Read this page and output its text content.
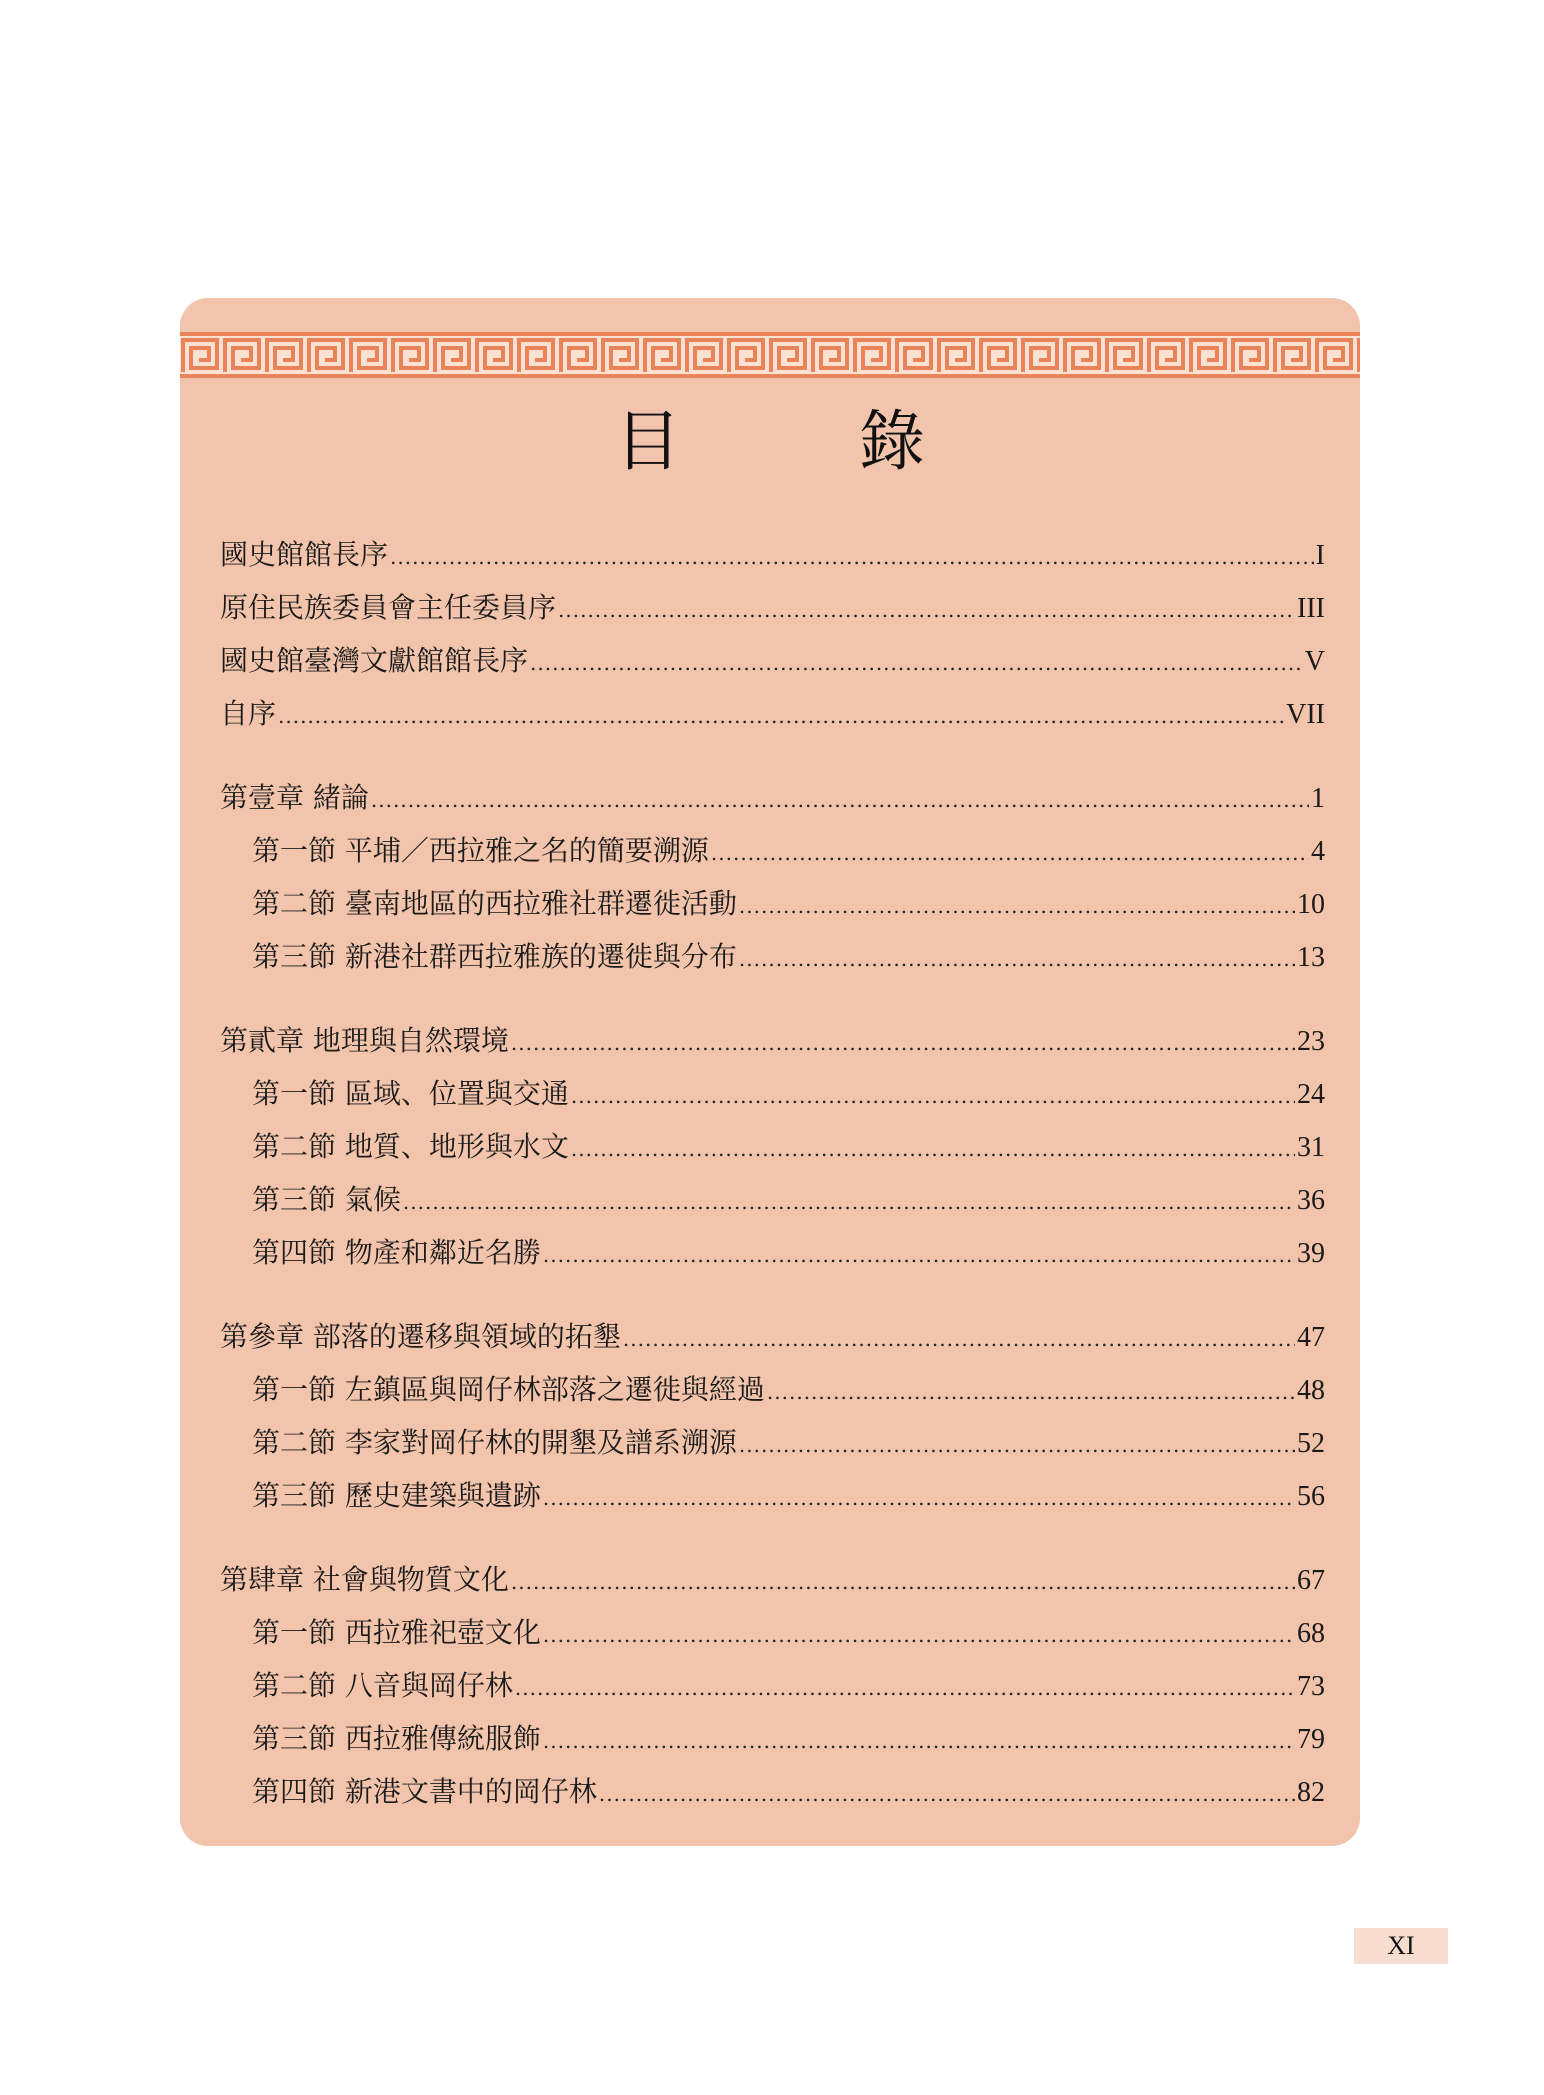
目　錄
國史館館長序 .....	I
原住民族委員會主任委員序 .....	III
國史館臺灣文獻館館長序 .....	V
自序 .....	VII
第壹章 緒論 .....	1
第一節 平埔／西拉雅之名的簡要溯源 .....	4
第二節 臺南地區的西拉雅社群遷徙活動 .....	10
第三節 新港社群西拉雅族的遷徙與分布 .....	13
第貳章 地理與自然環境 .....	23
第一節 區域、位置與交通 .....	24
第二節 地質、地形與水文 .....	31
第三節 氣候 .....	36
第四節 物產和鄰近名勝 .....	39
第參章 部落的遷移與領域的拓墾 .....	47
第一節 左鎮區與岡仔林部落之遷徙與經過 .....	48
第二節 李家對岡仔林的開墾及譜系溯源 .....	52
第三節 歷史建築與遺跡 .....	56
第肆章 社會與物質文化 .....	67
第一節 西拉雅祀壺文化 .....	68
第二節 八音與岡仔林 .....	73
第三節 西拉雅傳統服飾 .....	79
第四節 新港文書中的岡仔林 .....	82
XI
